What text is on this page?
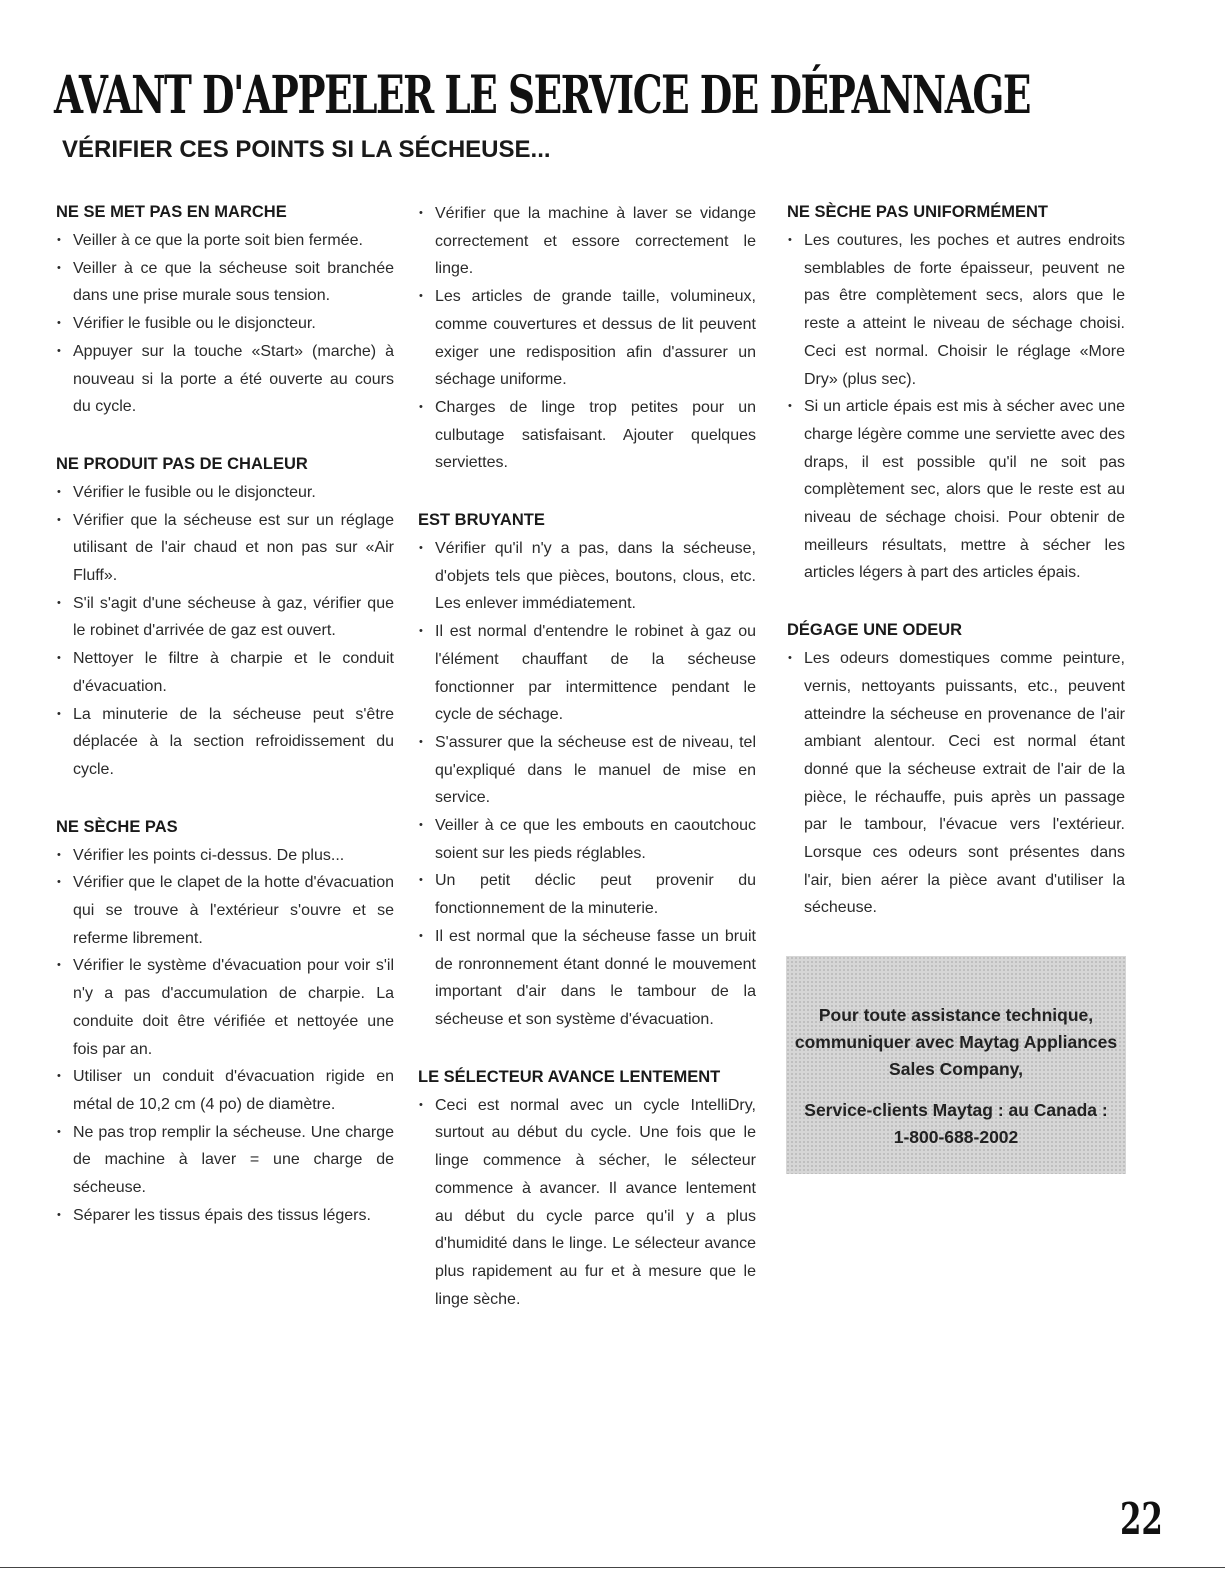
AVANT D'APPELER LE SERVICE DE DÉPANNAGE
VÉRIFIER CES POINTS SI LA SÉCHEUSE...
NE SE MET PAS EN MARCHE
• Veiller à ce que la porte soit bien fermée.
• Veiller à ce que la sécheuse soit branchée dans une prise murale sous tension.
• Vérifier le fusible ou le disjoncteur.
• Appuyer sur la touche «Start» (marche) à nouveau si la porte a été ouverte au cours du cycle.
NE PRODUIT PAS DE CHALEUR
• Vérifier le fusible ou le disjoncteur.
• Vérifier que la sécheuse est sur un réglage utilisant de l'air chaud et non pas sur «Air Fluff».
• S'il s'agit d'une sécheuse à gaz, vérifier que le robinet d'arrivée de gaz est ouvert.
• Nettoyer le filtre à charpie et le conduit d'évacuation.
• La minuterie de la sécheuse peut s'être déplacée à la section refroidissement du cycle.
NE SÈCHE PAS
• Vérifier les points ci-dessus. De plus...
• Vérifier que le clapet de la hotte d'évacuation qui se trouve à l'extérieur s'ouvre et se referme librement.
• Vérifier le système d'évacuation pour voir s'il n'y a pas d'accumulation de charpie. La conduite doit être vérifiée et nettoyée une fois par an.
• Utiliser un conduit d'évacuation rigide en métal de 10,2 cm (4 po) de diamètre.
• Ne pas trop remplir la sécheuse. Une charge de machine à laver = une charge de sécheuse.
• Séparer les tissus épais des tissus légers.
• Vérifier que la machine à laver se vidange correctement et essore correctement le linge.
• Les articles de grande taille, volumineux, comme couvertures et dessus de lit peuvent exiger une redisposition afin d'assurer un séchage uniforme.
• Charges de linge trop petites pour un culbutage satisfaisant. Ajouter quelques serviettes.
EST BRUYANTE
• Vérifier qu'il n'y a pas, dans la sécheuse, d'objets tels que pièces, boutons, clous, etc. Les enlever immédiatement.
• Il est normal d'entendre le robinet à gaz ou l'élément chauffant de la sécheuse fonctionner par intermittence pendant le cycle de séchage.
• S'assurer que la sécheuse est de niveau, tel qu'expliqué dans le manuel de mise en service.
• Veiller à ce que les embouts en caoutchouc soient sur les pieds réglables.
• Un petit déclic peut provenir du fonctionnement de la minuterie.
• Il est normal que la sécheuse fasse un bruit de ronronnement étant donné le mouvement important d'air dans le tambour de la sécheuse et son système d'évacuation.
LE SÉLECTEUR AVANCE LENTEMENT
• Ceci est normal avec un cycle IntelliDry, surtout au début du cycle. Une fois que le linge commence à sécher, le sélecteur commence à avancer. Il avance lentement au début du cycle parce qu'il y a plus d'humidité dans le linge. Le sélecteur avance plus rapidement au fur et à mesure que le linge sèche.
NE SÈCHE PAS UNIFORMÉMENT
• Les coutures, les poches et autres endroits semblables de forte épaisseur, peuvent ne pas être complètement secs, alors que le reste a atteint le niveau de séchage choisi. Ceci est normal. Choisir le réglage «More Dry» (plus sec).
• Si un article épais est mis à sécher avec une charge légère comme une serviette avec des draps, il est possible qu'il ne soit pas complètement sec, alors que le reste est au niveau de séchage choisi. Pour obtenir de meilleurs résultats, mettre à sécher les articles légers à part des articles épais.
DÉGAGE UNE ODEUR
• Les odeurs domestiques comme peinture, vernis, nettoyants puissants, etc., peuvent atteindre la sécheuse en provenance de l'air ambiant alentour. Ceci est normal étant donné que la sécheuse extrait de l'air de la pièce, le réchauffe, puis après un passage par le tambour, l'évacue vers l'extérieur. Lorsque ces odeurs sont présentes dans l'air, bien aérer la pièce avant d'utiliser la sécheuse.
Pour toute assistance technique,
communiquer avec Maytag Appliances
Sales Company,
Service-clients Maytag : au Canada :
1-800-688-2002
22
